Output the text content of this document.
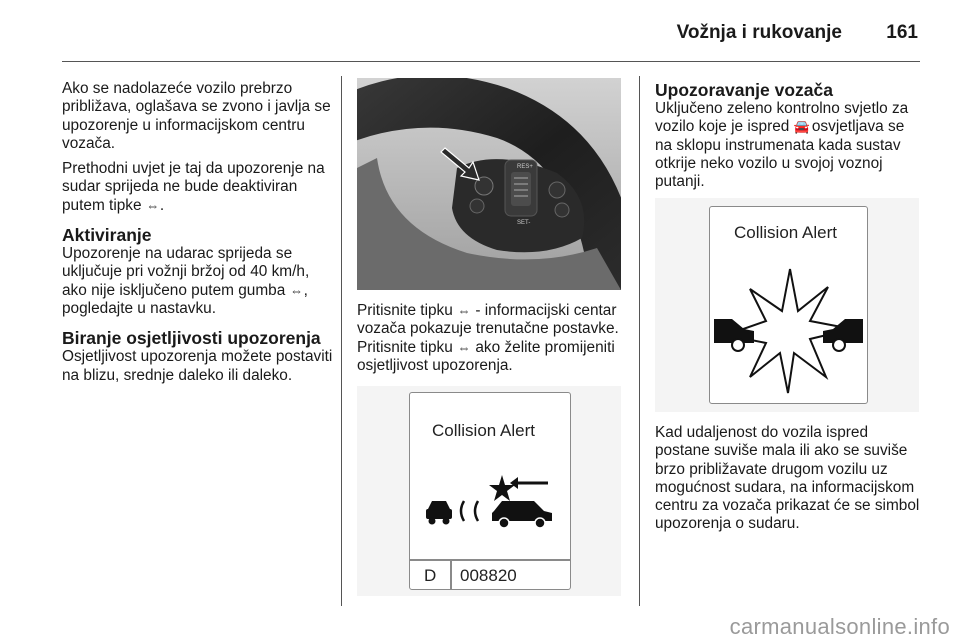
Vožnja i rukovanje 161

Ako se nadolazeće vozilo prebrzo približava, oglašava se zvono i javlja se upozorenje u informacijskom centru vozača.

Prethodni uvjet je taj da upozorenje na sudar sprijeda ne bude deaktiviran putem tipke ⇔.

Aktiviranje

Upozorenje na udarac sprijeda se uključuje pri vožnji bržoj od 40 km/h, ako nije isključeno putem gumba ⇔, pogledajte u nastavku.

Biranje osjetljivosti upozorenja

Osjetljivost upozorenja možete postaviti na blizu, srednje daleko ili daleko.

RES+
SET-

Pritisnite tipku ⇔ - informacijski centar vozača pokazuje trenutačne postavke. Pritisnite tipku ⇔ ako želite promijeniti osjetljivost upozorenja.

Collision Alert
D 008820
Upozoravanje vozača

Uključeno zeleno kontrolno svjetlo za vozilo koje je ispred 🚘 osvjetljava se na sklopu instrumenata kada sustav otkrije neko vozilo u svojoj voznoj putanji.

Collision Alert

Kad udaljenost do vozila ispred postane suviše mala ili ako se suviše brzo približavate drugom vozilu uz mogućnost sudara, na informacijskom centru za vozača prikazat će se simbol upozorenja o sudaru.

carmanualsonline.info
